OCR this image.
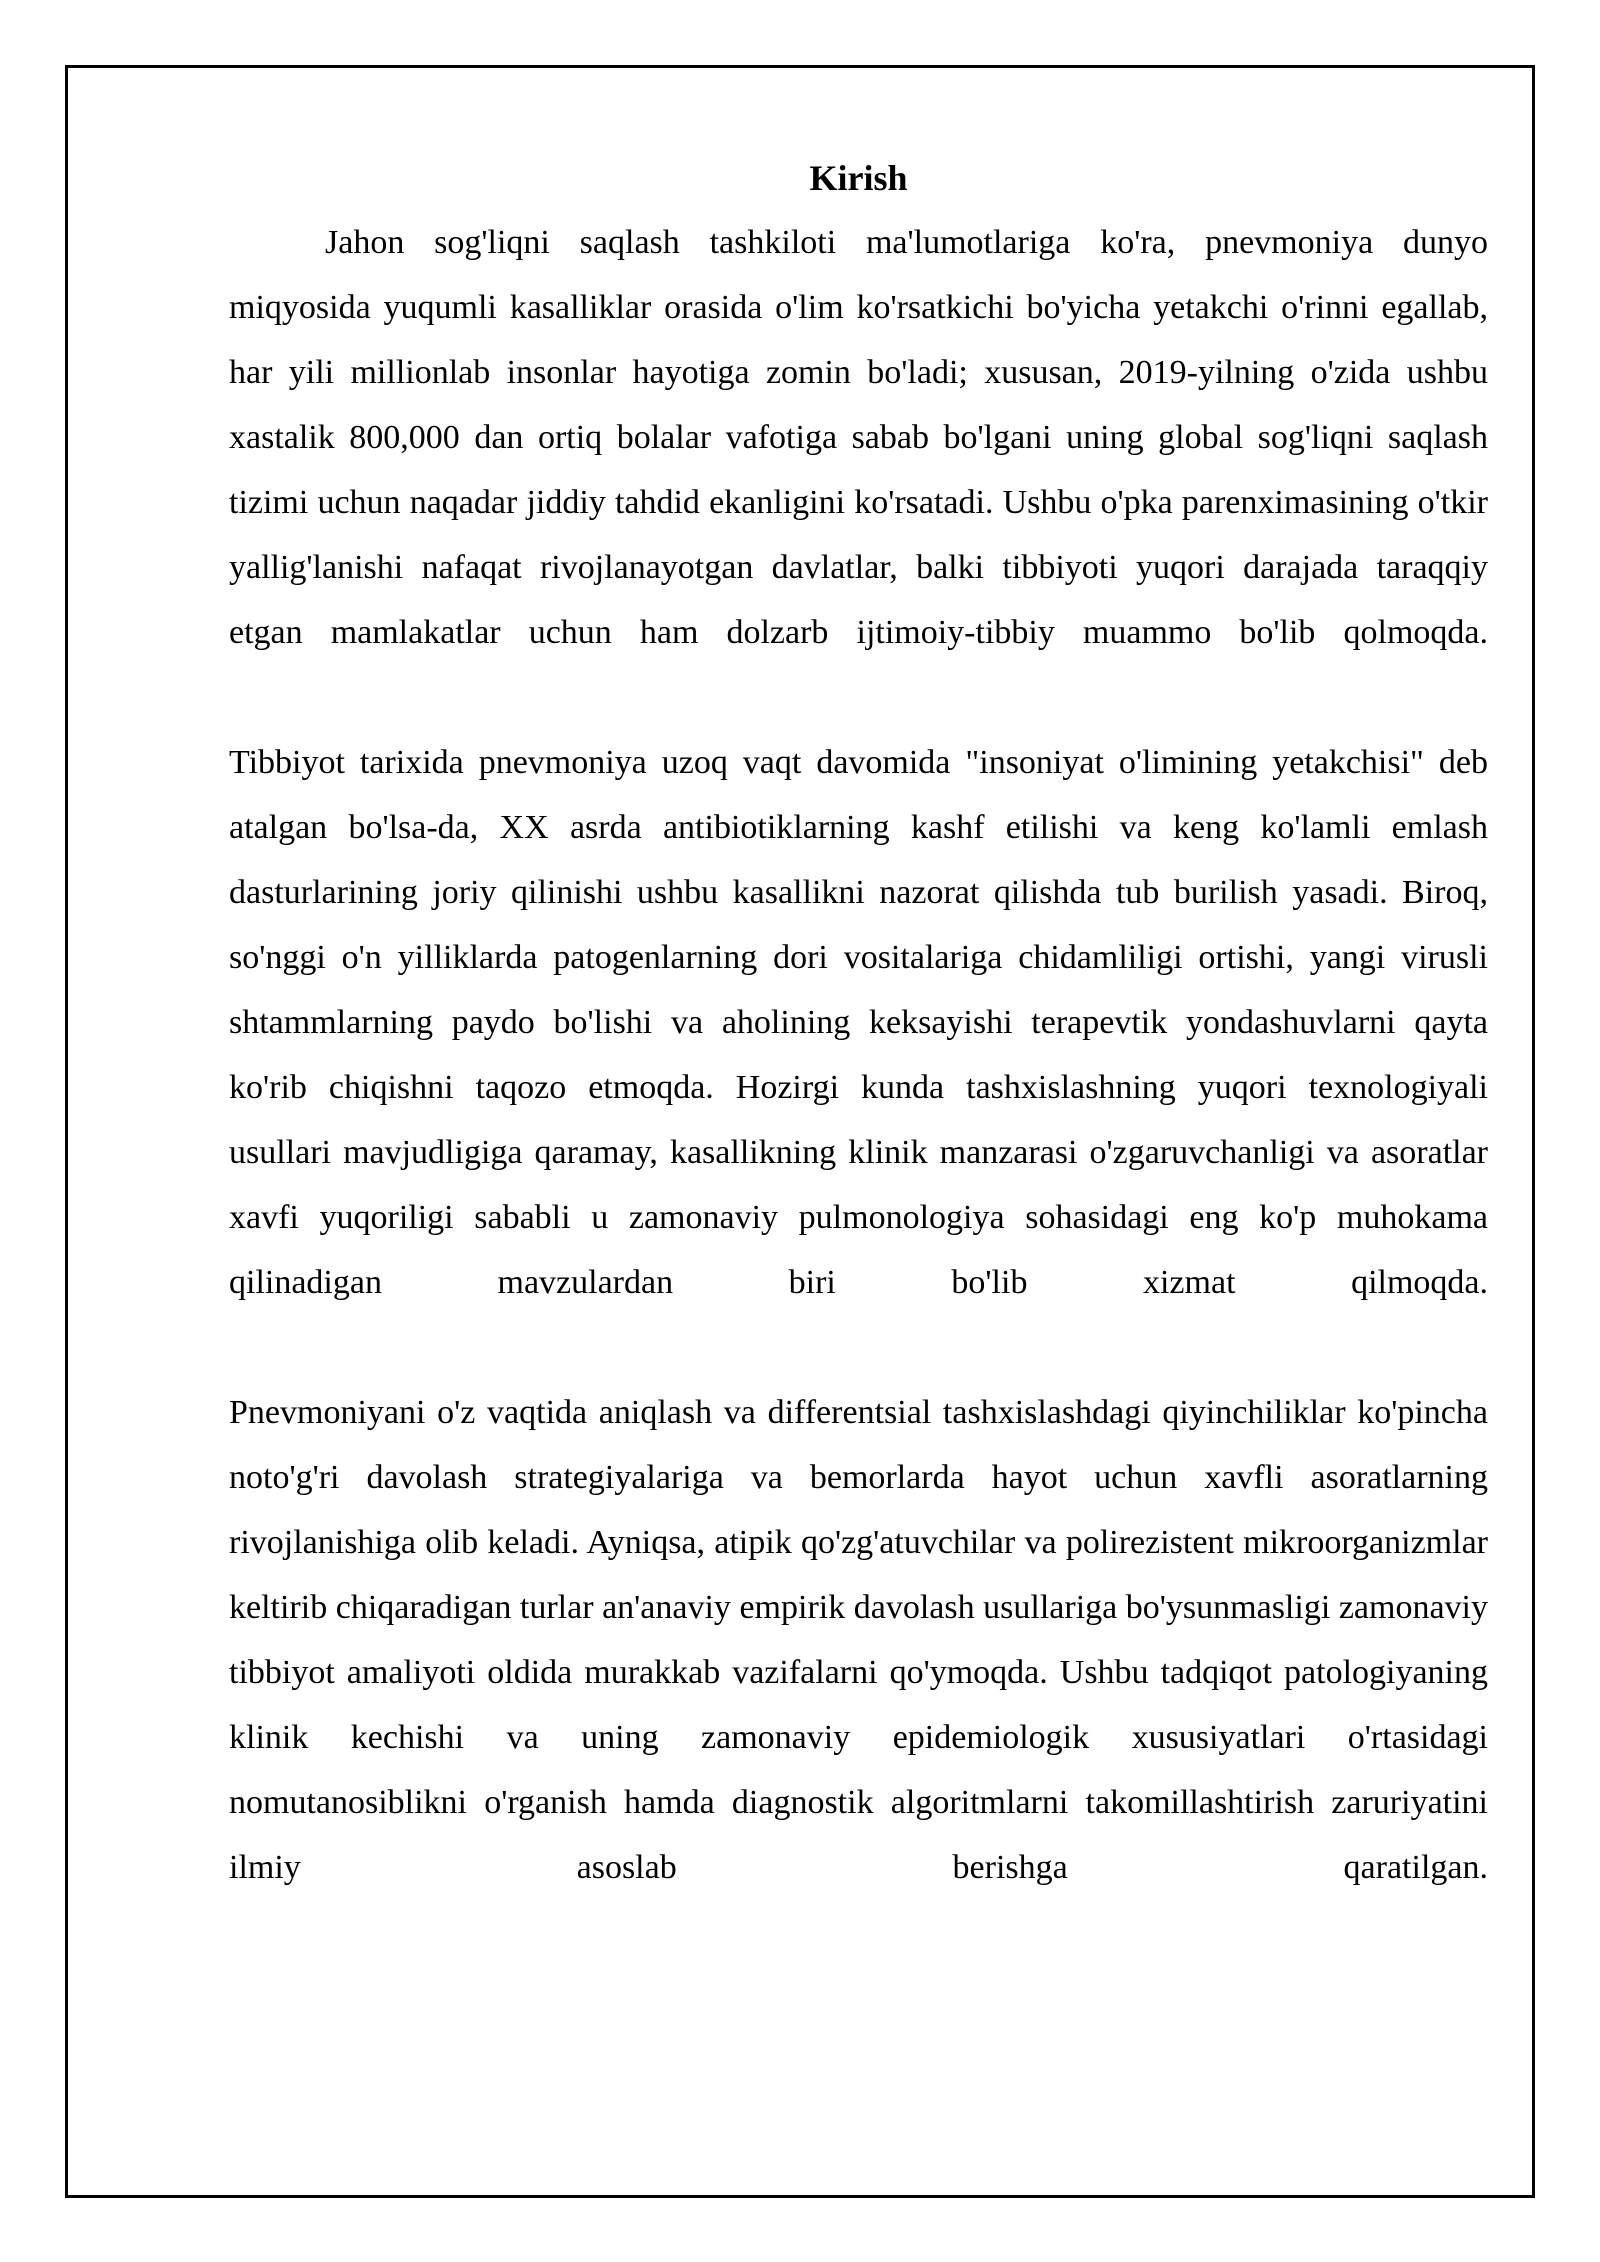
Kirish

Jahon sog'liqni saqlash tashkiloti ma'lumotlariga ko'ra, pnevmoniya dunyo miqyosida yuqumli kasalliklar orasida o'lim ko'rsatkichi bo'yicha yetakchi o'rinni egallab, har yili millionlab insonlar hayotiga zomin bo'ladi; xususan, 2019-yilning o'zida ushbu xastalik 800,000 dan ortiq bolalar vafotiga sabab bo'lgani uning global sog'liqni saqlash tizimi uchun naqadar jiddiy tahdid ekanligini ko'rsatadi. Ushbu o'pka parenximasining o'tkir yallig'lanishi nafaqat rivojlanayotgan davlatlar, balki tibbiyoti yuqori darajada taraqqiy etgan mamlakatlar uchun ham dolzarb ijtimoiy-tibbiy muammo bo'lib qolmoqda.

Tibbiyot tarixida pnevmoniya uzoq vaqt davomida "insoniyat o'limining yetakchisi" deb atalgan bo'lsa-da, XX asrda antibiotiklarning kashf etilishi va keng ko'lamli emlash dasturlarining joriy qilinishi ushbu kasallikni nazorat qilishda tub burilish yasadi. Biroq, so'nggi o'n yilliklarda patogenlarning dori vositalariga chidamliligi ortishi, yangi virusli shtammlarning paydo bo'lishi va aholining keksayishi terapevtik yondashuvlarni qayta ko'rib chiqishni taqozo etmoqda. Hozirgi kunda tashxislashning yuqori texnologiyali usullari mavjudligiga qaramay, kasallikning klinik manzarasi o'zgaruvchanligi va asoratlar xavfi yuqoriligi sababli u zamonaviy pulmonologiya sohasidagi eng ko'p muhokama qilinadigan mavzulardan biri bo'lib xizmat qilmoqda.

Pnevmoniyani o'z vaqtida aniqlash va differentsial tashxislashdagi qiyinchiliklar ko'pincha noto'g'ri davolash strategiyalariga va bemorlarda hayot uchun xavfli asoratlarning rivojlanishiga olib keladi. Ayniqsa, atipik qo'zg'atuvchilar va polirezistent mikroorganizmlar keltirib chiqaradigan turlar an'anaviy empirik davolash usullariga bo'ysunmasligi zamonaviy tibbiyot amaliyoti oldida murakkab vazifalarni qo'ymoqda. Ushbu tadqiqot patologiyaning klinik kechishi va uning zamonaviy epidemiologik xususiyatlari o'rtasidagi nomutanosiblikni o'rganish hamda diagnostik algoritmlarni takomillashtirish zaruriyatini ilmiy asoslab berishga qaratilgan.
